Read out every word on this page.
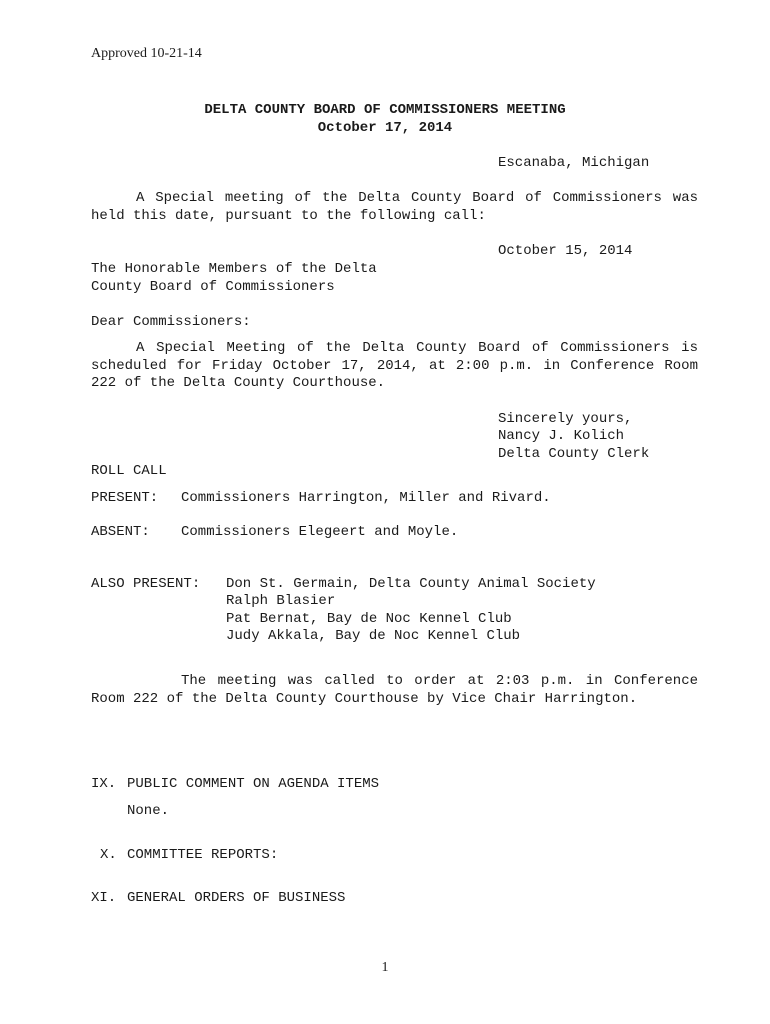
Approved 10-21-14
DELTA COUNTY BOARD OF COMMISSIONERS MEETING
October 17, 2014
Escanaba, Michigan
A Special meeting of the Delta County Board of Commissioners was held this date, pursuant to the following call:
October 15, 2014
The Honorable Members of the Delta
County Board of Commissioners
Dear Commissioners:
A Special Meeting of the Delta County Board of Commissioners is scheduled for Friday October 17, 2014, at 2:00 p.m. in Conference Room 222 of the Delta County Courthouse.
Sincerely yours,
Nancy J. Kolich
Delta County Clerk
ROLL CALL
PRESENT: Commissioners Harrington, Miller and Rivard.
ABSENT: Commissioners Elegeert and Moyle.
ALSO PRESENT: Don St. Germain, Delta County Animal Society
Ralph Blasier
Pat Bernat, Bay de Noc Kennel Club
Judy Akkala, Bay de Noc Kennel Club
The meeting was called to order at 2:03 p.m. in Conference Room 222 of the Delta County Courthouse by Vice Chair Harrington.
IX. PUBLIC COMMENT ON AGENDA ITEMS
None.
X. COMMITTEE REPORTS:
XI. GENERAL ORDERS OF BUSINESS
1
